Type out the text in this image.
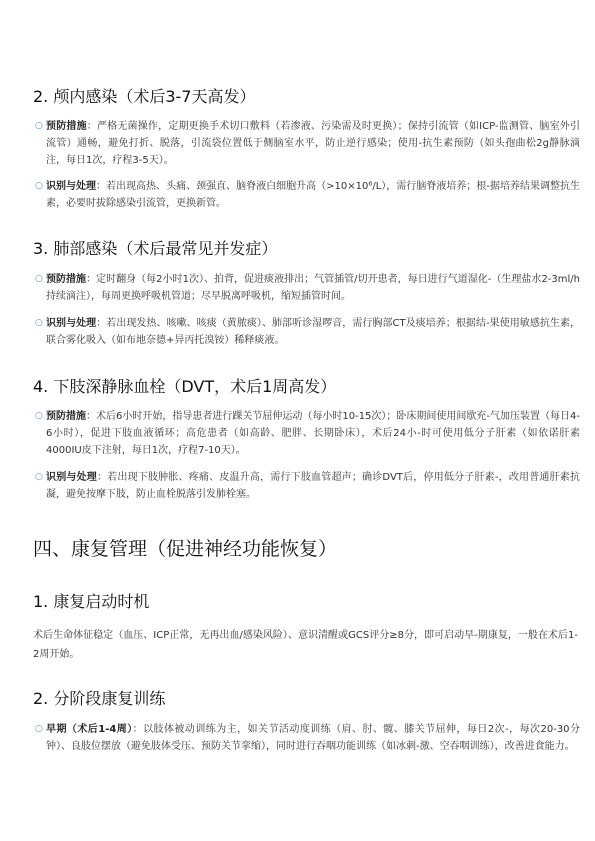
2. 颅内感染（术后3-7天高发）
○ 预防措施：严格无菌操作，定期更换手术切口敷料（若渗液、污染需及时更换）；保持引流管（如ICP-监测管、脑室外引流管）通畅，避免打折、脱落，引流袋位置低于侧脑室水平，防止逆行感染；使用-抗生素预防（如头孢曲松2g静脉滴注，每日1次，疗程3-5天）。
○ 识别与处理：若出现高热、头痛、颈强直、脑脊液白细胞升高（>10×10⁶/L），需行脑脊液培养；根-据培养结果调整抗生素，必要时拔除感染引流管，更换新管。
3. 肺部感染（术后最常见并发症）
○ 预防措施：定时翻身（每2小时1次）、拍背，促进痰液排出；气管插管/切开患者，每日进行气道湿化-（生理盐水2-3ml/h持续滴注），每周更换呼吸机管道；尽早脱离呼吸机，缩短插管时间。
○ 识别与处理：若出现发热、咳嗽、咳痰（黄脓痰）、肺部听诊湿啰音，需行胸部CT及痰培养；根据结-果使用敏感抗生素，联合雾化吸入（如布地奈德+异丙托溴铵）稀释痰液。
4. 下肢深静脉血栓（DVT，术后1周高发）
○ 预防措施：术后6小时开始，指导患者进行踝关节屈伸运动（每小时10-15次）；卧床期间使用间歇充-气加压装置（每日4-6小时），促进下肢血液循环；高危患者（如高龄、肥胖、长期卧床），术后24小-时可使用低分子肝素（如依诺肝素4000IU皮下注射，每日1次，疗程7-10天）。
○ 识别与处理：若出现下肢肿胀、疼痛、皮温升高，需行下肢血管超声；确诊DVT后，停用低分子肝素-，改用普通肝素抗凝，避免按摩下肢，防止血栓脱落引发肺栓塞。
四、康复管理（促进神经功能恢复）
1. 康复启动时机
术后生命体征稳定（血压、ICP正常，无再出血/感染风险）、意识清醒或GCS评分≥8分，即可启动早-期康复，一般在术后1-2周开始。
2. 分阶段康复训练
○ 早期（术后1-4周）：以肢体被动训练为主，如关节活动度训练（肩、肘、髋、膝关节屈伸，每日2次-，每次20-30分钟）、良肢位摆放（避免肢体受压、预防关节挛缩），同时进行吞咽功能训练（如冰刺-激、空吞咽训练），改善进食能力。
